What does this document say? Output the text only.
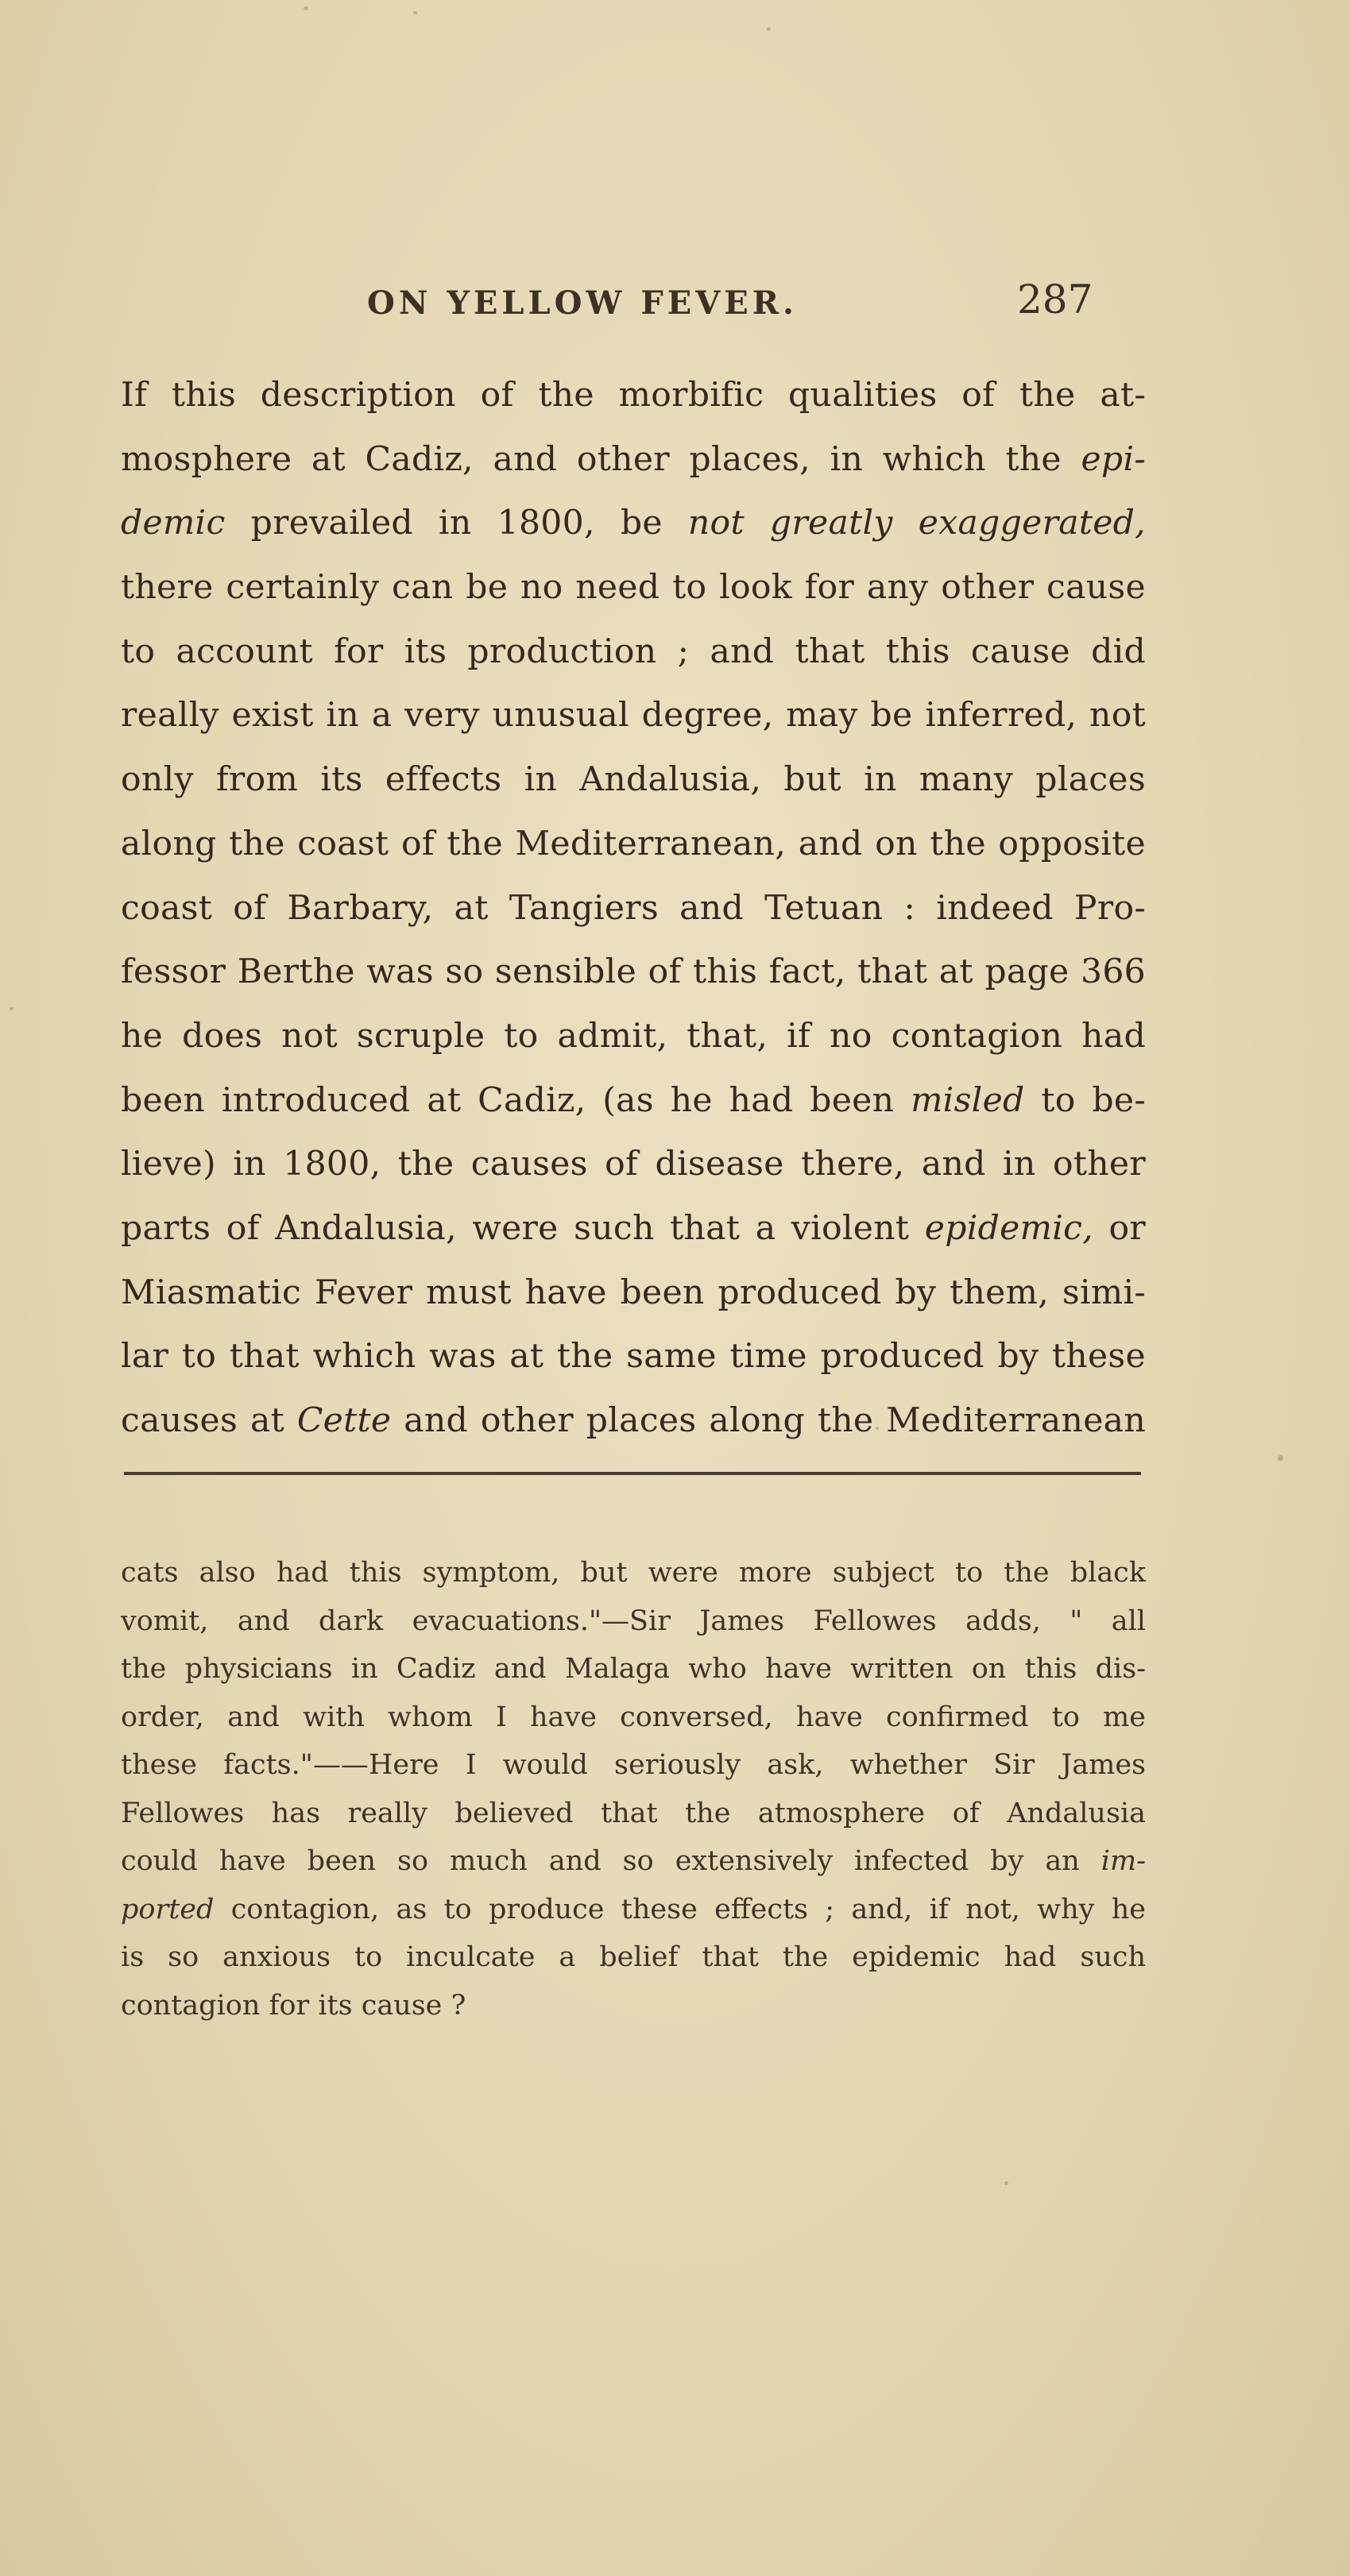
ON YELLOW FEVER.	287
If this description of the morbific qualities of the at-
mosphere at Cadiz, and other places, in which the epi-
demic prevailed in 1800, be not greatly exaggerated,
there certainly can be no need to look for any other cause
to account for its production ; and that this cause did
really exist in a very unusual degree, may be inferred, not
only from its effects in Andalusia, but in many places
along the coast of the Mediterranean, and on the opposite
coast of Barbary, at Tangiers and Tetuan : indeed Pro-
fessor Berthe was so sensible of this fact, that at page 366
he does not scruple to admit, that, if no contagion had
been introduced at Cadiz, (as he had been misled to be-
lieve) in 1800, the causes of disease there, and in other
parts of Andalusia, were such that a violent epidemic, or
Miasmatic Fever must have been produced by them, simi-
lar to that which was at the same time produced by these
causes at Cette and other places along the Mediterranean
cats also had this symptom, but were more subject to the black
vomit, and dark evacuations."—Sir James Fellowes adds, " all
the physicians in Cadiz and Malaga who have written on this dis-
order, and with whom I have conversed, have confirmed to me
these facts."——Here I would seriously ask, whether Sir James
Fellowes has really believed that the atmosphere of Andalusia
could have been so much and so extensively infected by an im-
ported contagion, as to produce these effects ; and, if not, why he
is so anxious to inculcate a belief that the epidemic had such
contagion for its cause ?
